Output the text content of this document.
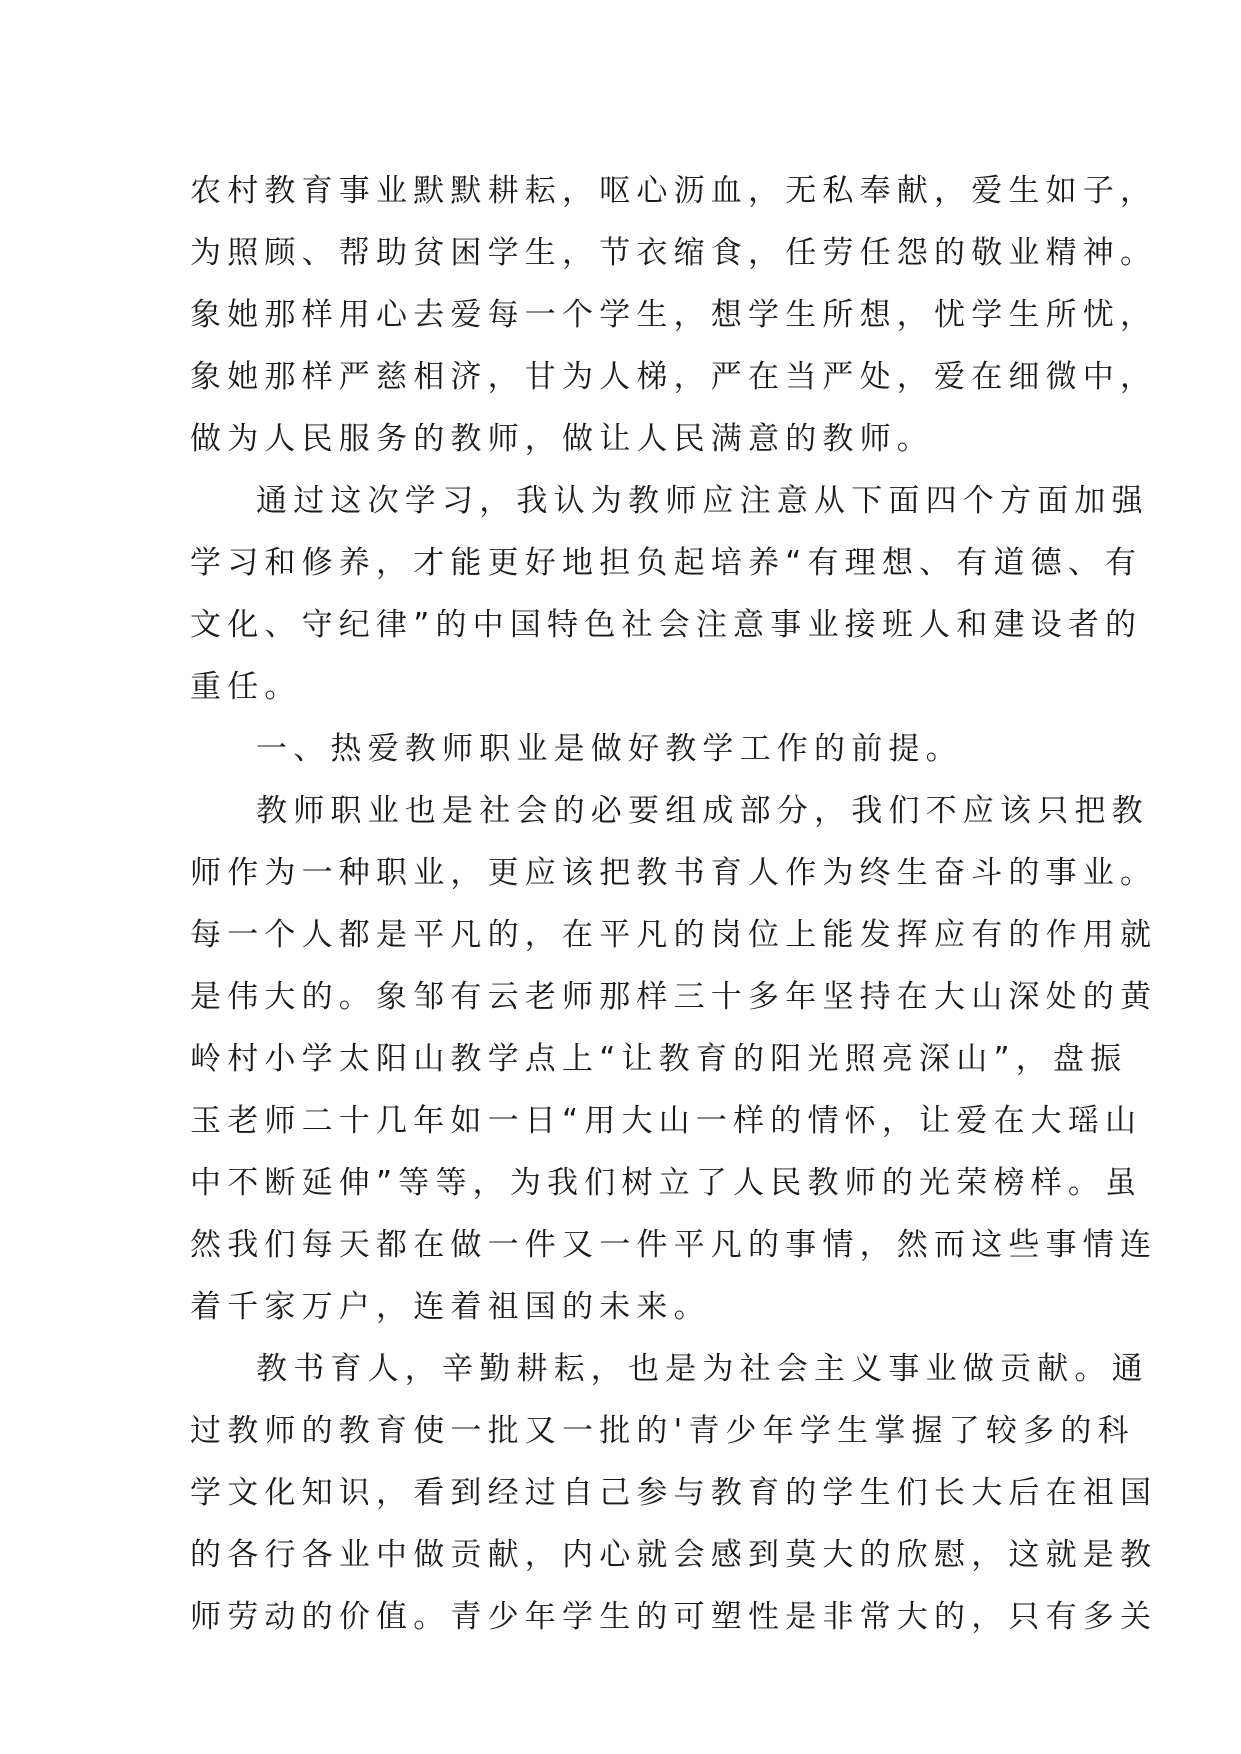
农村教育事业默默耕耘，呕心沥血，无私奉献，爱生如子，
为照顾、帮助贫困学生，节衣缩食，任劳任怨的敬业精神。
象她那样用心去爱每一个学生，想学生所想，忧学生所忧，
象她那样严慈相济，甘为人梯，严在当严处，爱在细微中，
做为人民服务的教师，做让人民满意的教师。
通过这次学习，我认为教师应注意从下面四个方面加强
学习和修养，才能更好地担负起培养“有理想、有道德、有
文化、守纪律”的中国特色社会注意事业接班人和建设者的
重任。
一、热爱教师职业是做好教学工作的前提。
教师职业也是社会的必要组成部分，我们不应该只把教
师作为一种职业，更应该把教书育人作为终生奋斗的事业。
每一个人都是平凡的，在平凡的岗位上能发挥应有的作用就
是伟大的。象邹有云老师那样三十多年坚持在大山深处的黄
岭村小学太阳山教学点上“让教育的阳光照亮深山”，盘振
玉老师二十几年如一日“用大山一样的情怀，让爱在大瑶山
中不断延伸”等等，为我们树立了人民教师的光荣榜样。虽
然我们每天都在做一件又一件平凡的事情，然而这些事情连
着千家万户，连着祖国的未来。
教书育人，辛勤耕耘，也是为社会主义事业做贡献。通
过教师的教育使一批又一批的'青少年学生掌握了较多的科
学文化知识，看到经过自己参与教育的学生们长大后在祖国
的各行各业中做贡献，内心就会感到莫大的欣慰，这就是教
师劳动的价值。青少年学生的可塑性是非常大的，只有多关
